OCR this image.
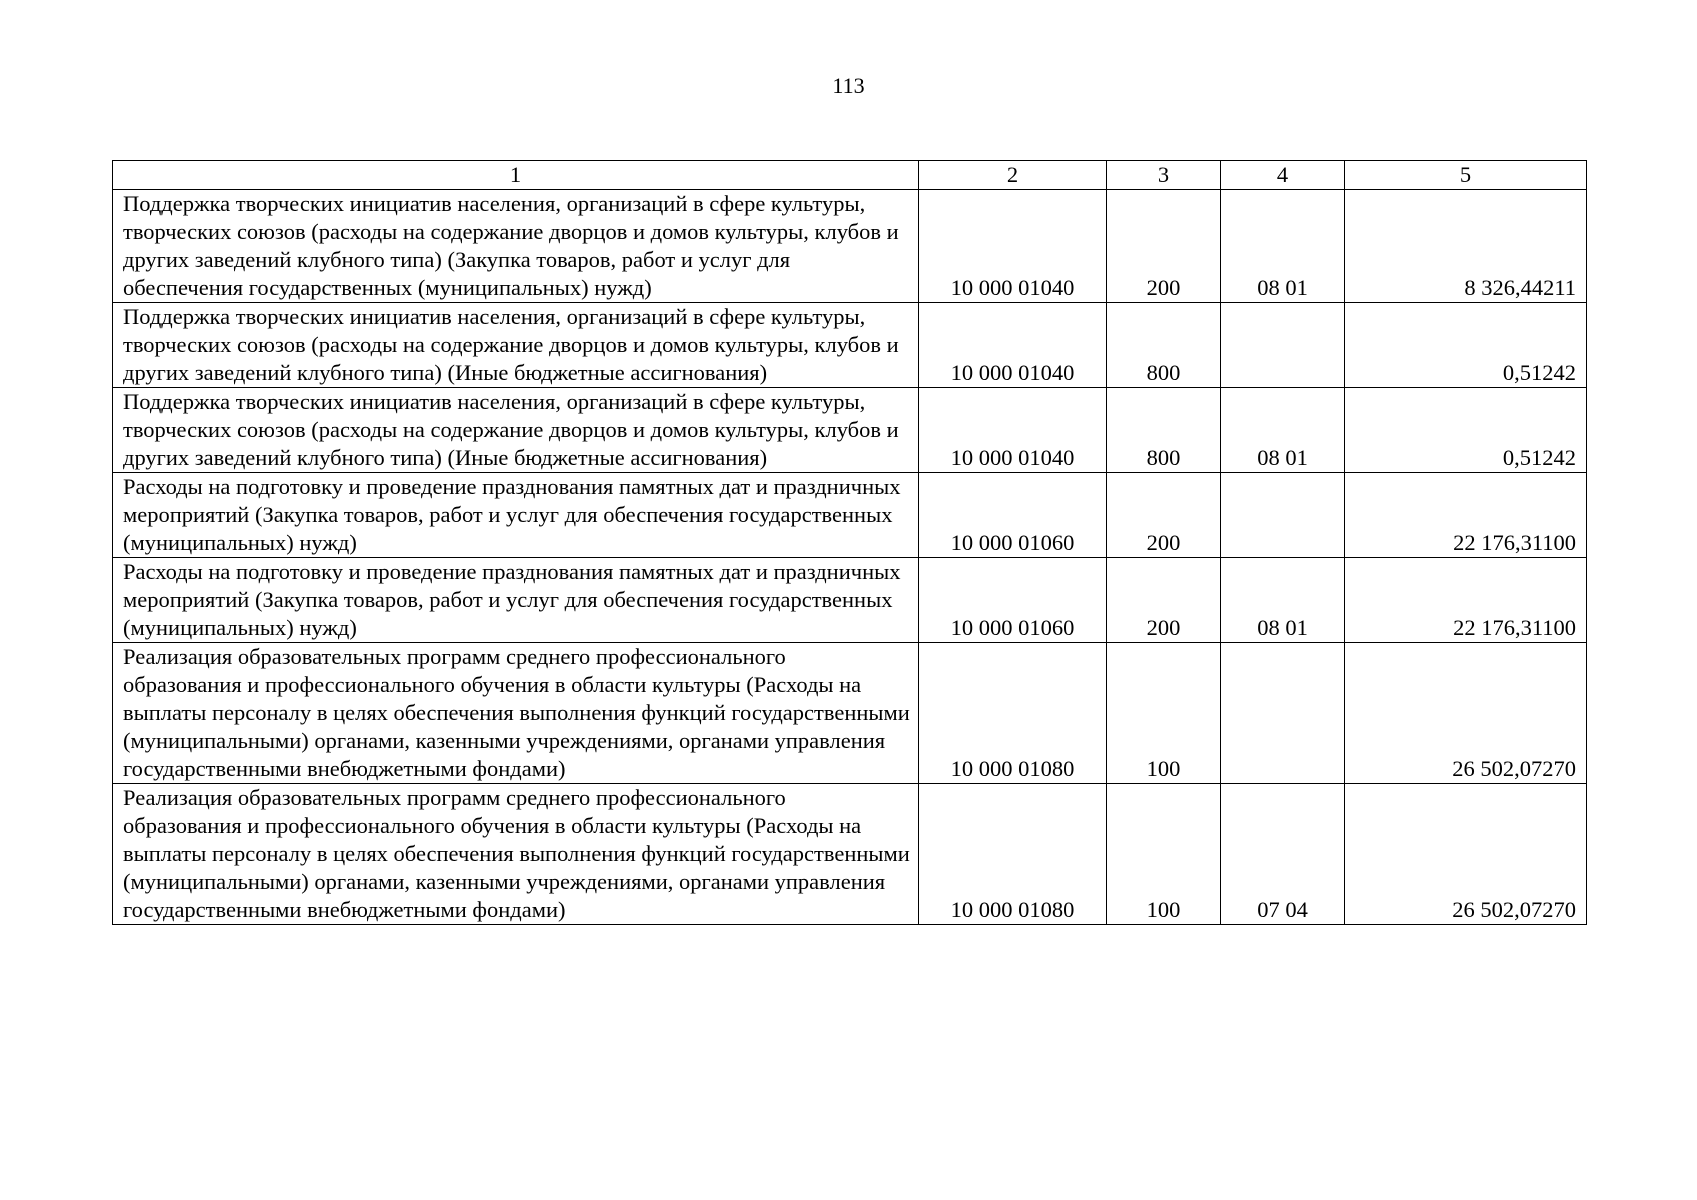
113
1	2	3	4	5
Поддержка творческих инициатив населения, организаций в сфере культуры, творческих союзов (расходы на содержание дворцов и домов культуры, клубов и других заведений клубного типа) (Закупка товаров, работ и услуг для обеспечения государственных (муниципальных) нужд)	10 000 01040	200	08 01	8 326,44211
Поддержка творческих инициатив населения, организаций в сфере культуры, творческих союзов (расходы на содержание дворцов и домов культуры, клубов и других заведений клубного типа) (Иные бюджетные ассигнования)	10 000 01040	800		0,51242
Поддержка творческих инициатив населения, организаций в сфере культуры, творческих союзов (расходы на содержание дворцов и домов культуры, клубов и других заведений клубного типа) (Иные бюджетные ассигнования)	10 000 01040	800	08 01	0,51242
Расходы на подготовку и проведение празднования памятных дат и праздничных мероприятий (Закупка товаров, работ и услуг для обеспечения государственных (муниципальных) нужд)	10 000 01060	200		22 176,31100
Расходы на подготовку и проведение празднования памятных дат и праздничных мероприятий (Закупка товаров, работ и услуг для обеспечения государственных (муниципальных) нужд)	10 000 01060	200	08 01	22 176,31100
Реализация образовательных программ среднего профессионального образования и профессионального обучения в области культуры (Расходы на выплаты персоналу в целях обеспечения выполнения функций государственными (муниципальными) органами, казенными учреждениями, органами управления государственными внебюджетными фондами)	10 000 01080	100		26 502,07270
Реализация образовательных программ среднего профессионального образования и профессионального обучения в области культуры (Расходы на выплаты персоналу в целях обеспечения выполнения функций государственными (муниципальными) органами, казенными учреждениями, органами управления государственными внебюджетными фондами)	10 000 01080	100	07 04	26 502,07270
